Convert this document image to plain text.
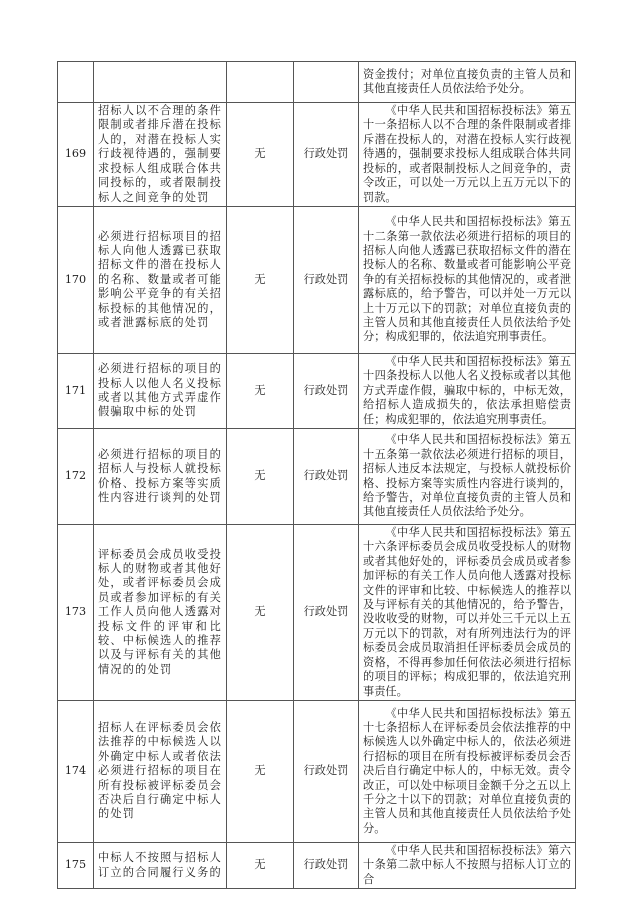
				资金拨付；对单位直接负责的主管人员和其他直接责任人员依法给予处分。

169	招标人以不合理的条件限制或者排斥潜在投标人的，对潜在投标人实行歧视待遇的，强制要求投标人组成联合体共同投标的，或者限制投标人之间竞争的处罚	无	行政处罚	《中华人民共和国招标投标法》第五十一条招标人以不合理的条件限制或者排斥潜在投标人的，对潜在投标人实行歧视待遇的，强制要求投标人组成联合体共同投标的，或者限制投标人之间竞争的，责令改正，可以处一万元以上五万元以下的罚款。

170	必须进行招标项目的招标人向他人透露已获取招标文件的潜在投标人的名称、数量或者可能影响公平竞争的有关招标投标的其他情况的，或者泄露标底的处罚	无	行政处罚	《中华人民共和国招标投标法》第五十二条第一款依法必须进行招标的项目的招标人向他人透露已获取招标文件的潜在投标人的名称、数量或者可能影响公平竞争的有关招标投标的其他情况的，或者泄露标底的，给予警告，可以并处一万元以上十万元以下的罚款；对单位直接负责的主管人员和其他直接责任人员依法给予处分；构成犯罪的，依法追究刑事责任。

171	必须进行招标的项目的投标人以他人名义投标或者以其他方式弄虚作假骗取中标的处罚	无	行政处罚	《中华人民共和国招标投标法》第五十四条投标人以他人名义投标或者以其他方式弄虚作假，骗取中标的，中标无效，给招标人造成损失的，依法承担赔偿责任；构成犯罪的，依法追究刑事责任。

172	必须进行招标的项目的招标人与投标人就投标价格、投标方案等实质性内容进行谈判的处罚	无	行政处罚	《中华人民共和国招标投标法》第五十五条第一款依法必须进行招标的项目，招标人违反本法规定，与投标人就投标价格、投标方案等实质性内容进行谈判的，给予警告，对单位直接负责的主管人员和其他直接责任人员依法给予处分。

173	评标委员会成员收受投标人的财物或者其他好处，或者评标委员会成员或者参加评标的有关工作人员向他人透露对投标文件的评审和比较、中标候选人的推荐以及与评标有关的其他情况的的处罚	无	行政处罚	《中华人民共和国招标投标法》第五十六条评标委员会成员收受投标人的财物或者其他好处的，评标委员会成员或者参加评标的有关工作人员向他人透露对投标文件的评审和比较、中标候选人的推荐以及与评标有关的其他情况的，给予警告，没收收受的财物，可以并处三千元以上五万元以下的罚款，对有所列违法行为的评标委员会成员取消担任评标委员会成员的资格，不得再参加任何依法必须进行招标的项目的评标；构成犯罪的，依法追究刑事责任。

174	招标人在评标委员会依法推荐的中标候选人以外确定中标人或者依法必须进行招标的项目在所有投标被评标委员会否决后自行确定中标人的处罚	无	行政处罚	《中华人民共和国招标投标法》第五十七条招标人在评标委员会依法推荐的中标候选人以外确定中标人的，依法必须进行招标的项目在所有投标被评标委员会否决后自行确定中标人的，中标无效。责令改正，可以处中标项目金额千分之五以上千分之十以下的罚款；对单位直接负责的主管人员和其他直接责任人员依法给予处分。

175	中标人不按照与招标人订立的合同履行义务的	无	行政处罚	《中华人民共和国招标投标法》第六十条第二款中标人不按照与招标人订立的合
